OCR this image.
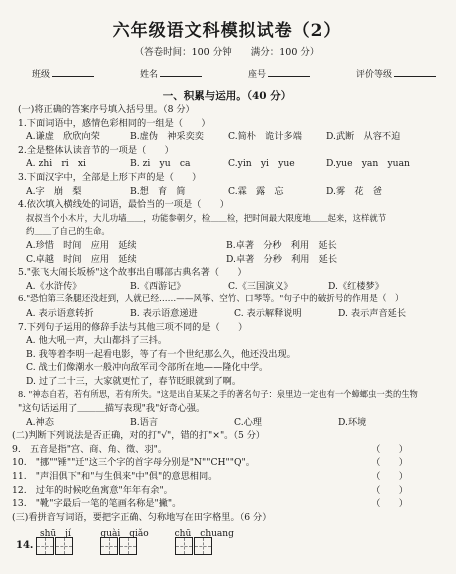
六年级语文科模拟试卷（2）
（答卷时间：100 分钟　　满分：100 分）
班级	姓名	座号	评价等级
一、积累与运用。（40 分）
(一)将正确的答案序号填入括号里。（8 分）
1.下面词语中，感情色彩相同的一组是（　　）
A.谦虚　欣欣向荣	B.虚伪　神采奕奕	C.简朴　诡计多端	D.武断　从容不迫
2.全是整体认读音节的一项是（　　）
A. zhi　ri　xi	B. zi　yu　ca	C.yin　yi　yue	D.yue　yan　yuan
3.下面汉字中，全部是上形下声的是（　　）
A.字　崩　梨	B.想　育　简	C.霖　露　忘	D.雾　花　爸
4.依次填入横线处的词语，最恰当的一项是（　　）
叔叔当个小木片，大儿功墙＿＿，功能参朝夕，检＿＿检，把时间最大限度地＿＿起来，这样就节
约＿＿了自己的生命。
A.珍惜　时间　应用　延续	B.卓著　分秒　利用　延长
C.卓越　时间　应用　延续	D.卓著　分秒　利用　延长
5."张飞大闹长坂桥"这个故事出自哪部古典名著（　　）
A.《水浒传》	B.《西游记》	C.《三国演义》	D.《红楼梦》
6."恐怕第三条腿还没赶到，人就已经……——风筝、空竹、口琴等。"句子中的破折号的作用是（　）
A. 表示语意转折	B. 表示语意递进	C. 表示解释说明	D. 表示声音延长
7.下列句子运用的修辞手法与其他三项不同的是（　　）
A. 他大吼一声，大山都抖了三抖。
B. 我等着李明一起看电影，等了有一个世纪那么久，他还没出现。
C. 战士们像潮水一般冲向敌军司令部所在地——隆化中学。
D. 过了二十三，大家就更忙了，春节眨眼就到了啊。
8. "神态自若，若有所思，若有所失。"这是出自某某之手的著名句子：泉里边一定也有一个蟑螂虫一类的生物
"这句话运用了＿＿＿描写表现"我"好奇心强。
A.神态	B.语言	C.心理	D.环境
(二)判断下列说法是否正确，对的打"√"，错的打"×"。（5 分）
9.　五音是指"宫、商、角、徵、羽"。	（　　）
10.　"挪""锤""迁"这三个字的首字母分别是"N""CH""Q"。	（　　）
11.　"声泪俱下"和"与生俱来"中"俱"的意思相同。	（　　）
12.　过年的时候吃鱼寓意"年年有余"。	（　　）
13.　"靴"字最后一笔的笔画名称是"撇"。	（　　）
(三)看拼音写词语，要把字正确、匀称地写在田字格里。（6 分）
14.
shū　jí	guài　qiǎo	chū　chuang
